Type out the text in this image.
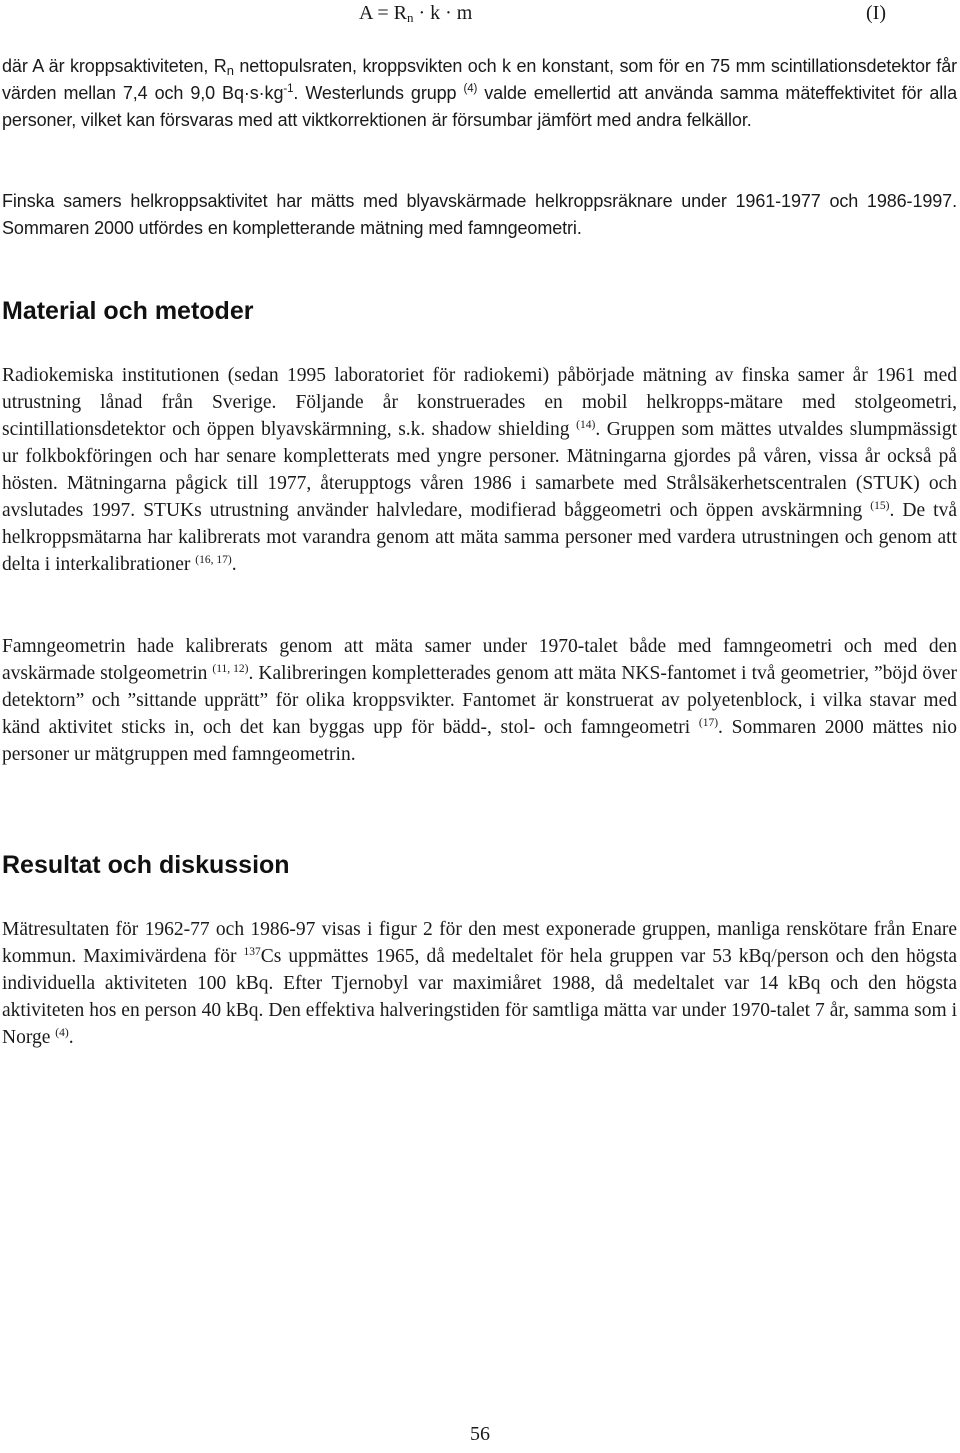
$A = R_n \cdot k \cdot m$	(I)

där A är kroppsaktiviteten, $R_n$ nettopulsraten, kroppsvikten och k en konstant, som för en 75 mm scintillationsdetektor får värden mellan 7,4 och 9,0 $Bq\cdot s\cdot kg^{-1}$. Westerlunds grupp $^{(4)}$ valde emellertid att använda samma mäteffektivitet för alla personer, vilket kan försvaras med att viktkorrektionen är försumbar jämfört med andra felkällor.

Finska samers helkroppsaktivitet har mätts med blyavskärmade helkroppsräknare under 1961-1977 och 1986-1997. Sommaren 2000 utfördes en kompletterande mätning med famngeometri.

Material och metoder

Radiokemiska institutionen (sedan 1995 laboratoriet för radiokemi) påbörjade mätning av finska samer år 1961 med utrustning lånad från Sverige. Följande år konstruerades en mobil helkropps-mätare med stolgeometri, scintillationsdetektor och öppen blyavskärmning, s.k. shadow shielding $^{(14)}$. Gruppen som mättes utvaldes slumpmässigt ur folkbokföringen och har senare kompletterats med yngre personer. Mätningarna gjordes på våren, vissa år också på hösten. Mätningarna pågick till 1977, återupptogs våren 1986 i samarbete med Strålsäkerhetscentralen (STUK) och avslutades 1997. STUKs utrustning använder halvledare, modifierad båggeometri och öppen avskärmning $^{(15)}$. De två helkroppsmätarna har kalibrerats mot varandra genom att mäta samma personer med vardera utrustningen och genom att delta i interkalibrationer $^{(16, 17)}$.

Famngeometrin hade kalibrerats genom att mäta samer under 1970-talet både med famngeometri och med den avskärmade stolgeometrin $^{(11, 12)}$. Kalibreringen kompletterades genom att mäta NKS-fantomet i två geometrier, ”böjd över detektorn” och ”sittande upprätt” för olika kroppsvikter. Fantomet är konstruerat av polyetenblock, i vilka stavar med känd aktivitet sticks in, och det kan byggas upp för bädd-, stol- och famngeometri $^{(17)}$. Sommaren 2000 mättes nio personer ur mätgruppen med famngeometrin.

Resultat och diskussion

Mätresultaten för 1962-77 och 1986-97 visas i figur 2 för den mest exponerade gruppen, manliga renskötare från Enare kommun. Maximivärdena för $^{137}$Cs uppmättes 1965, då medeltalet för hela gruppen var 53 kBq/person och den högsta individuella aktiviteten 100 kBq. Efter Tjernobyl var maximiåret 1988, då medeltalet var 14 kBq och den högsta aktiviteten hos en person 40 kBq. Den effektiva halveringstiden för samtliga mätta var under 1970-talet 7 år, samma som i Norge $^{(4)}$.

56
